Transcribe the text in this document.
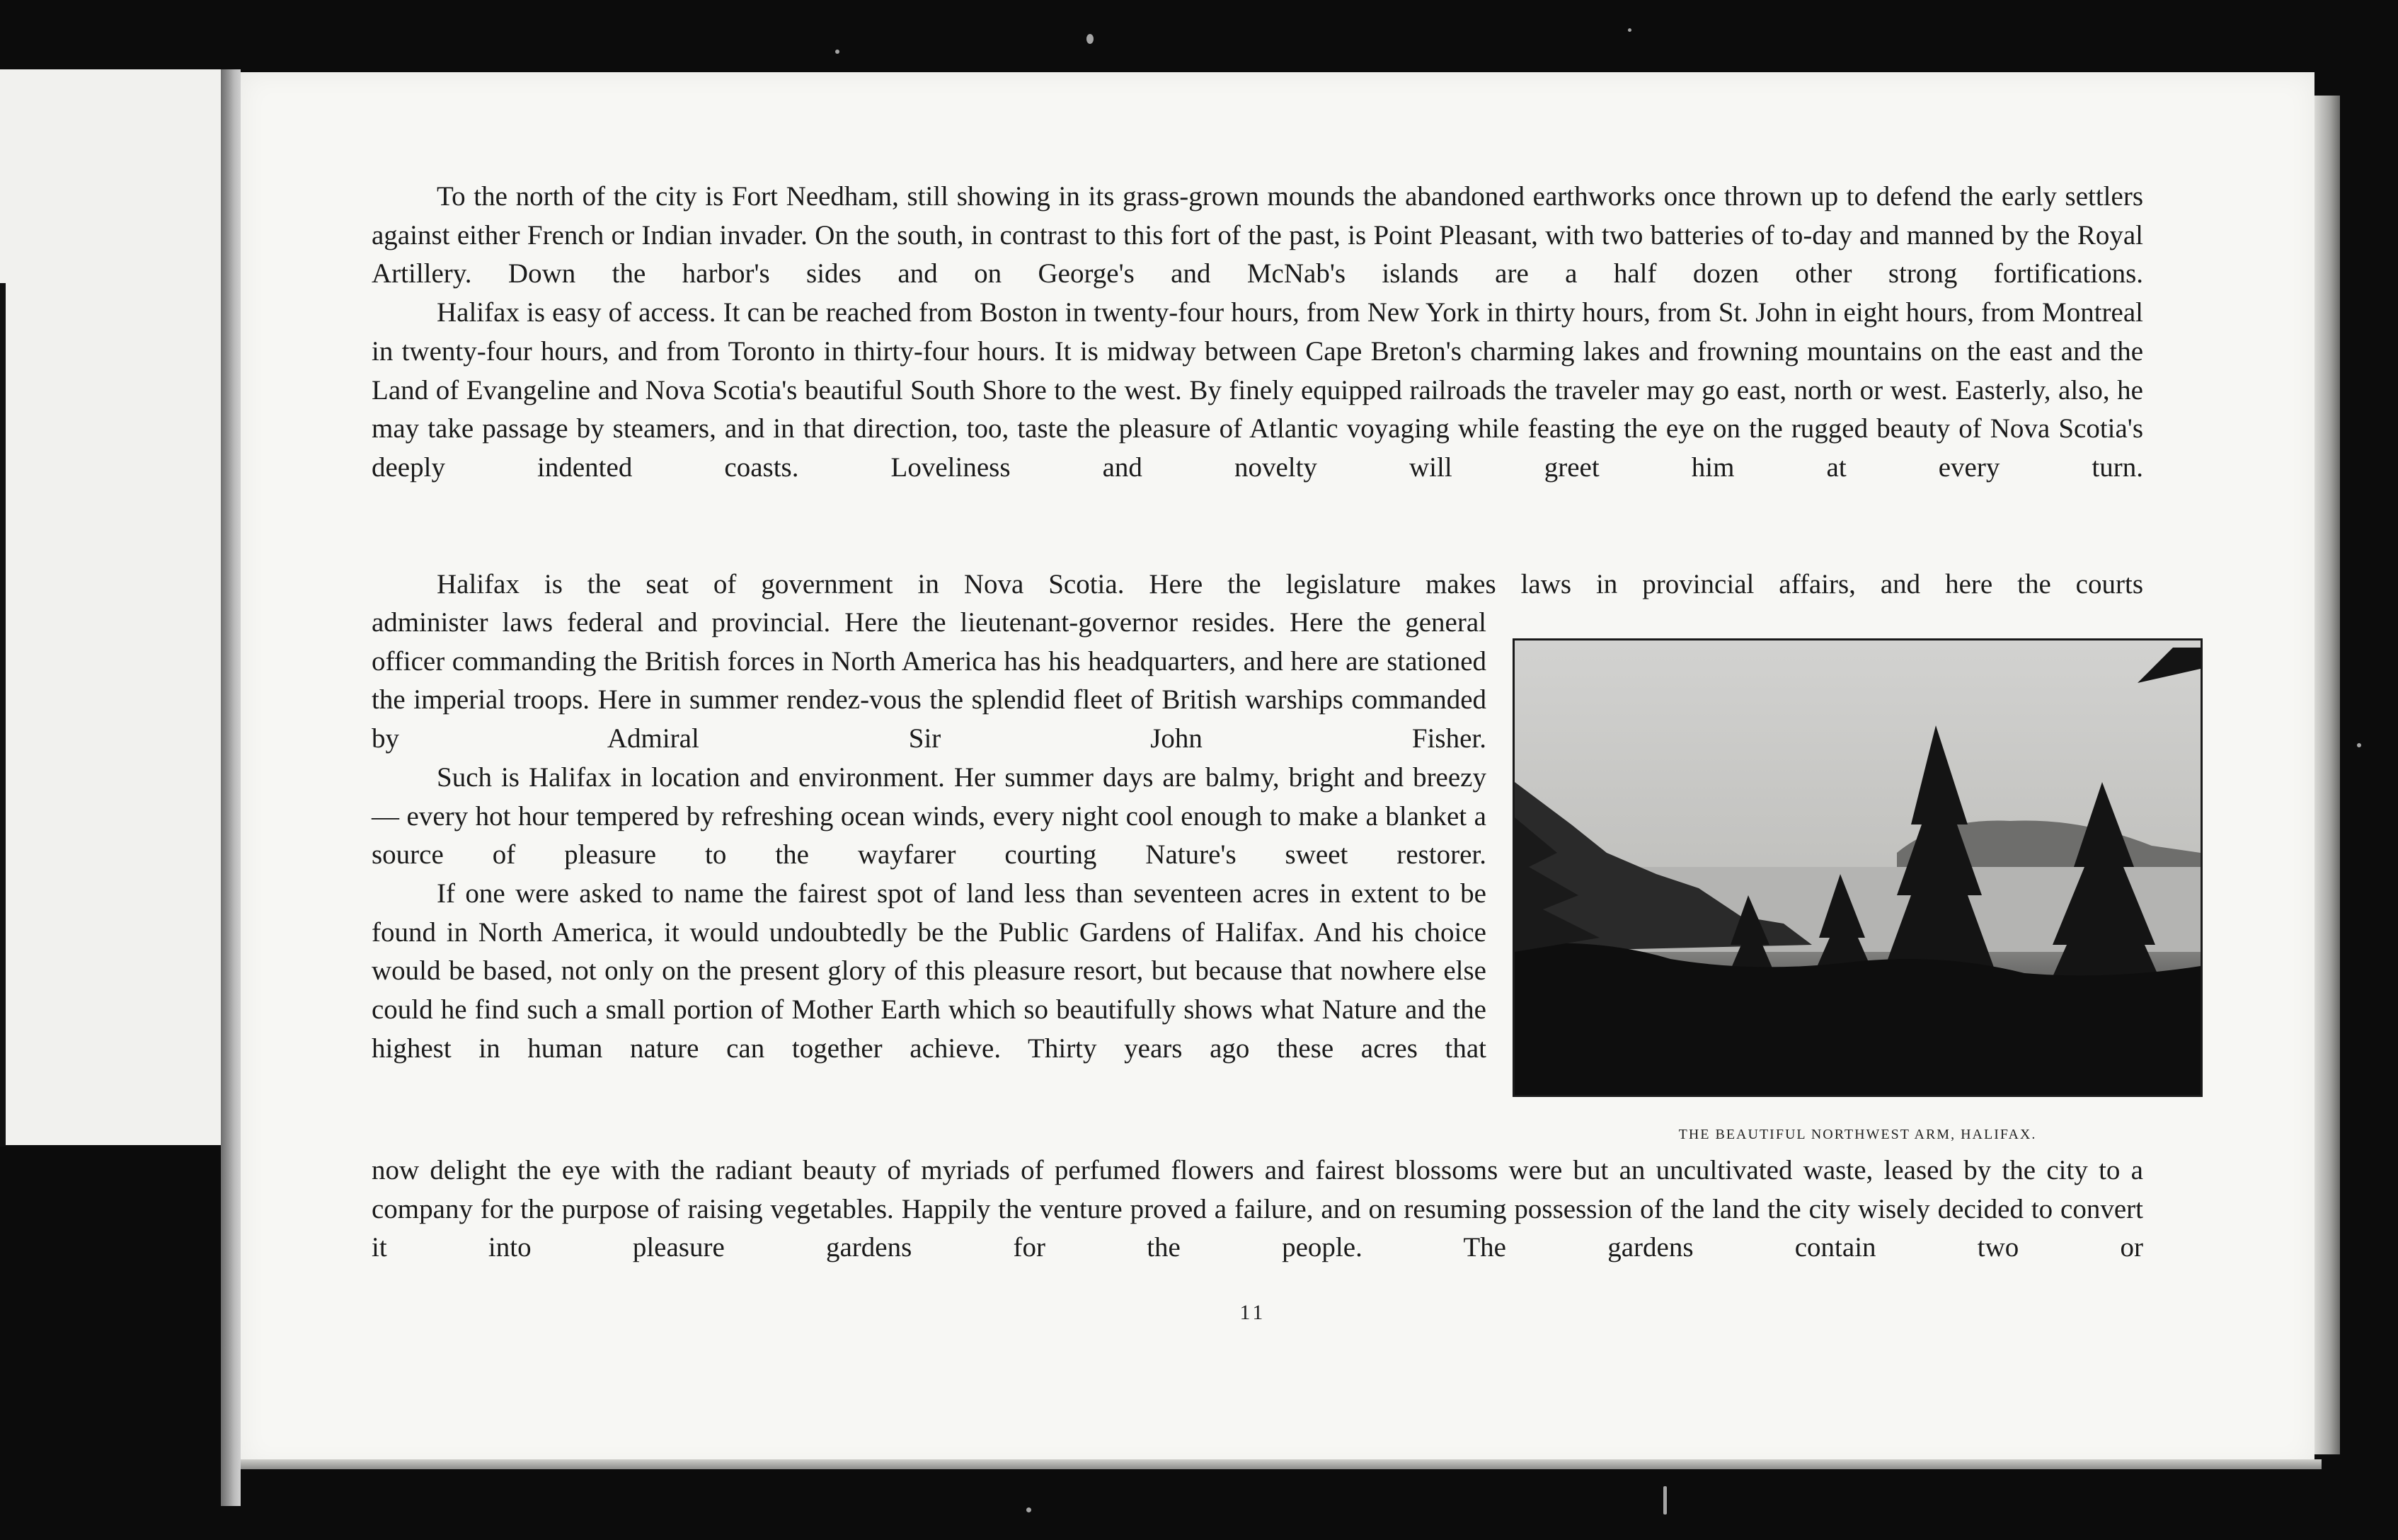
To the north of the city is Fort Needham, still showing in its grass-grown mounds the abandoned earthworks once thrown up to defend the early settlers against either French or Indian invader. On the south, in contrast to this fort of the past, is Point Pleasant, with two batteries of to-day and manned by the Royal Artillery. Down the harbor's sides and on George's and McNab's islands are a half dozen other strong fortifications.

Halifax is easy of access. It can be reached from Boston in twenty-four hours, from New York in thirty hours, from St. John in eight hours, from Montreal in twenty-four hours, and from Toronto in thirty-four hours. It is midway between Cape Breton's charming lakes and frowning mountains on the east and the Land of Evangeline and Nova Scotia's beautiful South Shore to the west. By finely equipped railroads the traveler may go east, north or west. Easterly, also, he may take passage by steamers, and in that direction, too, taste the pleasure of Atlantic voyaging while feasting the eye on the rugged beauty of Nova Scotia's deeply indented coasts. Loveliness and novelty will greet him at every turn.

Halifax is the seat of government in Nova Scotia. Here the legislature makes laws in provincial affairs, and here the courts

administer laws federal and provincial. Here the lieutenant-governor resides. Here the general officer commanding the British forces in North America has his headquarters, and here are stationed the imperial troops. Here in summer rendez-vous the splendid fleet of British warships commanded by Admiral Sir John Fisher.

Such is Halifax in location and environment. Her summer days are balmy, bright and breezy — every hot hour tempered by refreshing ocean winds, every night cool enough to make a blanket a source of pleasure to the wayfarer courting Nature's sweet restorer.

If one were asked to name the fairest spot of land less than seventeen acres in extent to be found in North America, it would undoubtedly be the Public Gardens of Halifax. And his choice would be based, not only on the present glory of this pleasure resort, but because that nowhere else could he find such a small portion of Mother Earth which so beautifully shows what Nature and the highest in human nature can together achieve. Thirty years ago these acres that

now delight the eye with the radiant beauty of myriads of perfumed flowers and fairest blossoms were but an uncultivated waste, leased by the city to a company for the purpose of raising vegetables. Happily the venture proved a failure, and on resuming possession of the land the city wisely decided to convert it into pleasure gardens for the people. The gardens contain two or

THE BEAUTIFUL NORTHWEST ARM, HALIFAX.
11
